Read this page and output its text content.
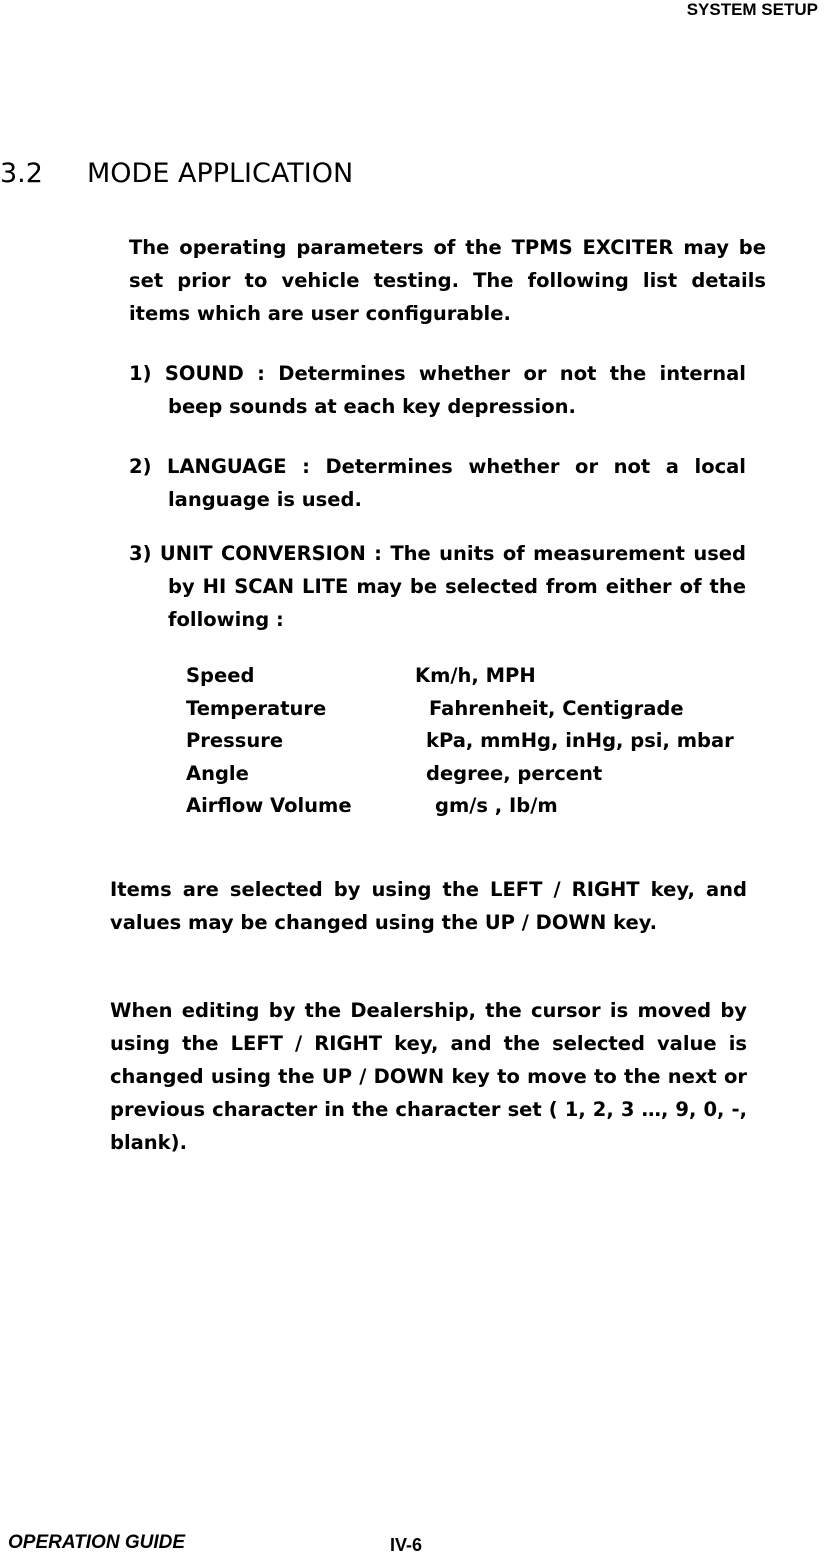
SYSTEM SETUP
3.2 MODE APPLICATION

The operating parameters of the TPMS EXCITER may be set prior to vehicle testing. The following list details items which are user configurable.

1) SOUND : Determines whether or not the internal beep sounds at each key depression.

2) LANGUAGE : Determines whether or not a local language is used.

3) UNIT CONVERSION : The units of measurement used by HI SCAN LITE may be selected from either of the following :

Speed	Km/h, MPH
Temperature	Fahrenheit, Centigrade
Pressure	kPa, mmHg, inHg, psi, mbar
Angle	degree, percent
Airflow Volume	gm/s , Ib/m

Items are selected by using the LEFT / RIGHT key, and values may be changed using the UP / DOWN key.

When editing by the Dealership, the cursor is moved by using the LEFT / RIGHT key, and the selected value is changed using the UP / DOWN key to move to the next or previous character in the character set ( 1, 2, 3 …, 9, 0, -, blank).

OPERATION GUIDE	IV-6
